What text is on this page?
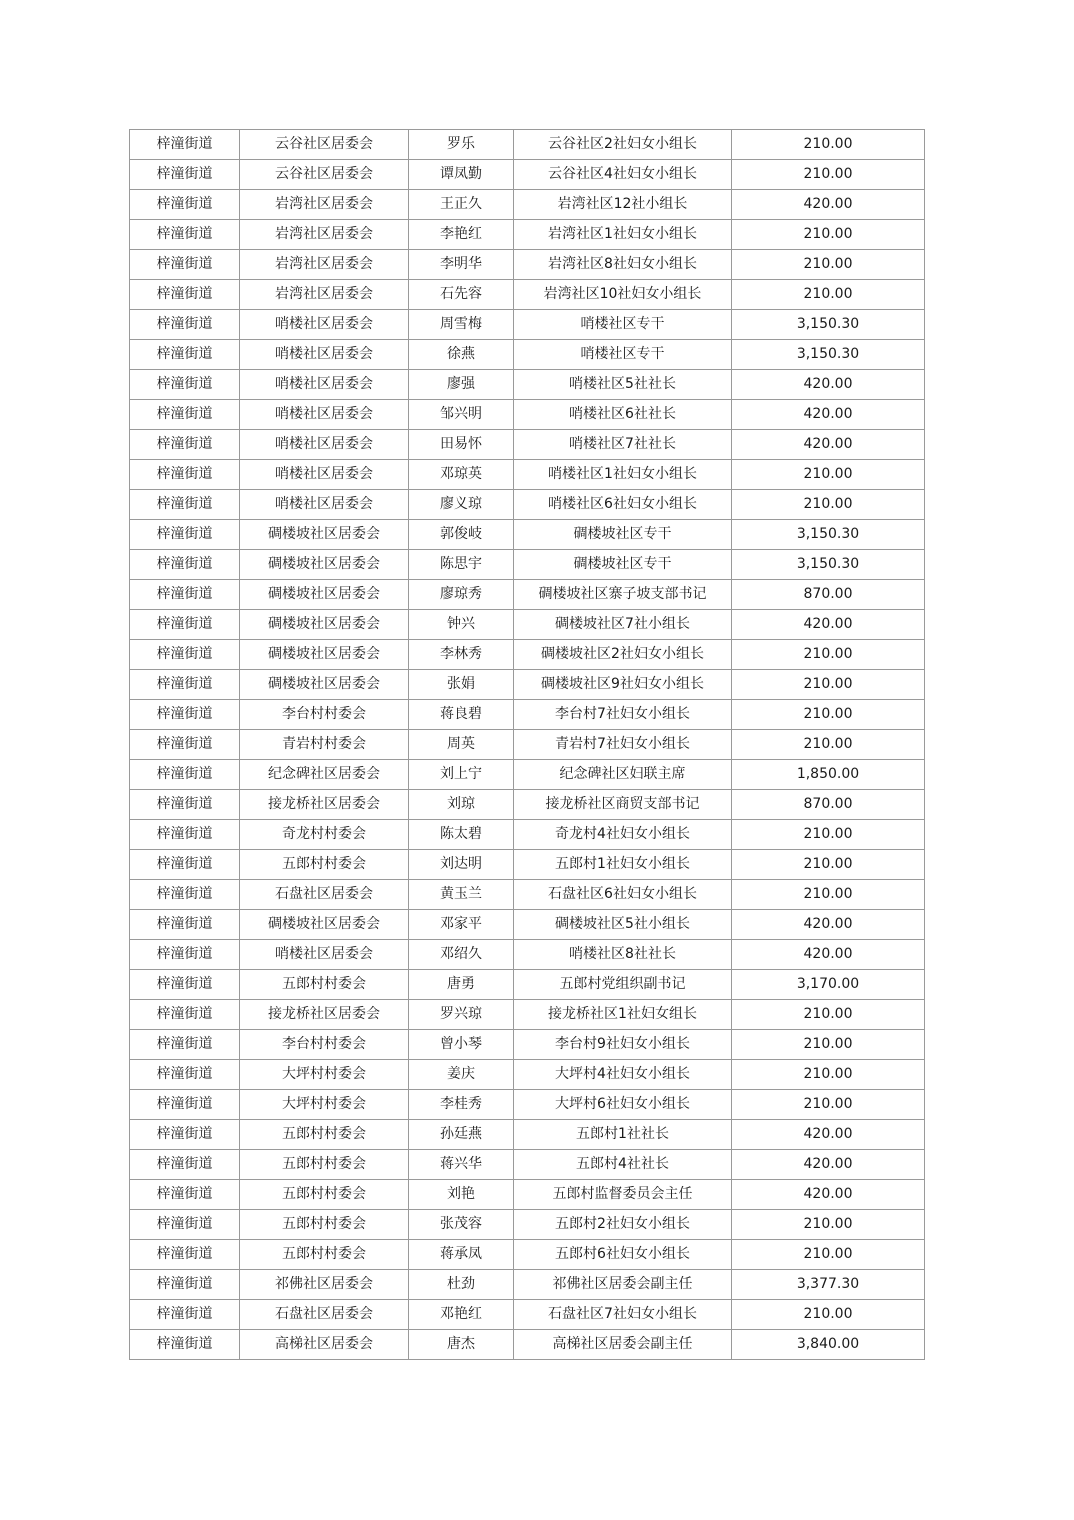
梓潼街道	云谷社区居委会	罗乐	云谷社区2社妇女小组长	210.00
梓潼街道	云谷社区居委会	谭凤勤	云谷社区4社妇女小组长	210.00
梓潼街道	岩湾社区居委会	王正久	岩湾社区12社小组长	420.00
梓潼街道	岩湾社区居委会	李艳红	岩湾社区1社妇女小组长	210.00
梓潼街道	岩湾社区居委会	李明华	岩湾社区8社妇女小组长	210.00
梓潼街道	岩湾社区居委会	石先容	岩湾社区10社妇女小组长	210.00
梓潼街道	哨楼社区居委会	周雪梅	哨楼社区专干	3,150.30
梓潼街道	哨楼社区居委会	徐燕	哨楼社区专干	3,150.30
梓潼街道	哨楼社区居委会	廖强	哨楼社区5社社长	420.00
梓潼街道	哨楼社区居委会	邹兴明	哨楼社区6社社长	420.00
梓潼街道	哨楼社区居委会	田易怀	哨楼社区7社社长	420.00
梓潼街道	哨楼社区居委会	邓琼英	哨楼社区1社妇女小组长	210.00
梓潼街道	哨楼社区居委会	廖义琼	哨楼社区6社妇女小组长	210.00
梓潼街道	碉楼坡社区居委会	郭俊岐	碉楼坡社区专干	3,150.30
梓潼街道	碉楼坡社区居委会	陈思宇	碉楼坡社区专干	3,150.30
梓潼街道	碉楼坡社区居委会	廖琼秀	碉楼坡社区寨子坡支部书记	870.00
梓潼街道	碉楼坡社区居委会	钟兴	碉楼坡社区7社小组长	420.00
梓潼街道	碉楼坡社区居委会	李林秀	碉楼坡社区2社妇女小组长	210.00
梓潼街道	碉楼坡社区居委会	张娟	碉楼坡社区9社妇女小组长	210.00
梓潼街道	李台村村委会	蒋良碧	李台村7社妇女小组长	210.00
梓潼街道	青岩村村委会	周英	青岩村7社妇女小组长	210.00
梓潼街道	纪念碑社区居委会	刘上宁	纪念碑社区妇联主席	1,850.00
梓潼街道	接龙桥社区居委会	刘琼	接龙桥社区商贸支部书记	870.00
梓潼街道	奇龙村村委会	陈太碧	奇龙村4社妇女小组长	210.00
梓潼街道	五郎村村委会	刘达明	五郎村1社妇女小组长	210.00
梓潼街道	石盘社区居委会	黄玉兰	石盘社区6社妇女小组长	210.00
梓潼街道	碉楼坡社区居委会	邓家平	碉楼坡社区5社小组长	420.00
梓潼街道	哨楼社区居委会	邓绍久	哨楼社区8社社长	420.00
梓潼街道	五郎村村委会	唐勇	五郎村党组织副书记	3,170.00
梓潼街道	接龙桥社区居委会	罗兴琼	接龙桥社区1社妇女组长	210.00
梓潼街道	李台村村委会	曾小琴	李台村9社妇女小组长	210.00
梓潼街道	大坪村村委会	姜庆	大坪村4社妇女小组长	210.00
梓潼街道	大坪村村委会	李桂秀	大坪村6社妇女小组长	210.00
梓潼街道	五郎村村委会	孙廷燕	五郎村1社社长	420.00
梓潼街道	五郎村村委会	蒋兴华	五郎村4社社长	420.00
梓潼街道	五郎村村委会	刘艳	五郎村监督委员会主任	420.00
梓潼街道	五郎村村委会	张茂容	五郎村2社妇女小组长	210.00
梓潼街道	五郎村村委会	蒋承凤	五郎村6社妇女小组长	210.00
梓潼街道	祁佛社区居委会	杜劲	祁佛社区居委会副主任	3,377.30
梓潼街道	石盘社区居委会	邓艳红	石盘社区7社妇女小组长	210.00
梓潼街道	高梯社区居委会	唐杰	高梯社区居委会副主任	3,840.00
